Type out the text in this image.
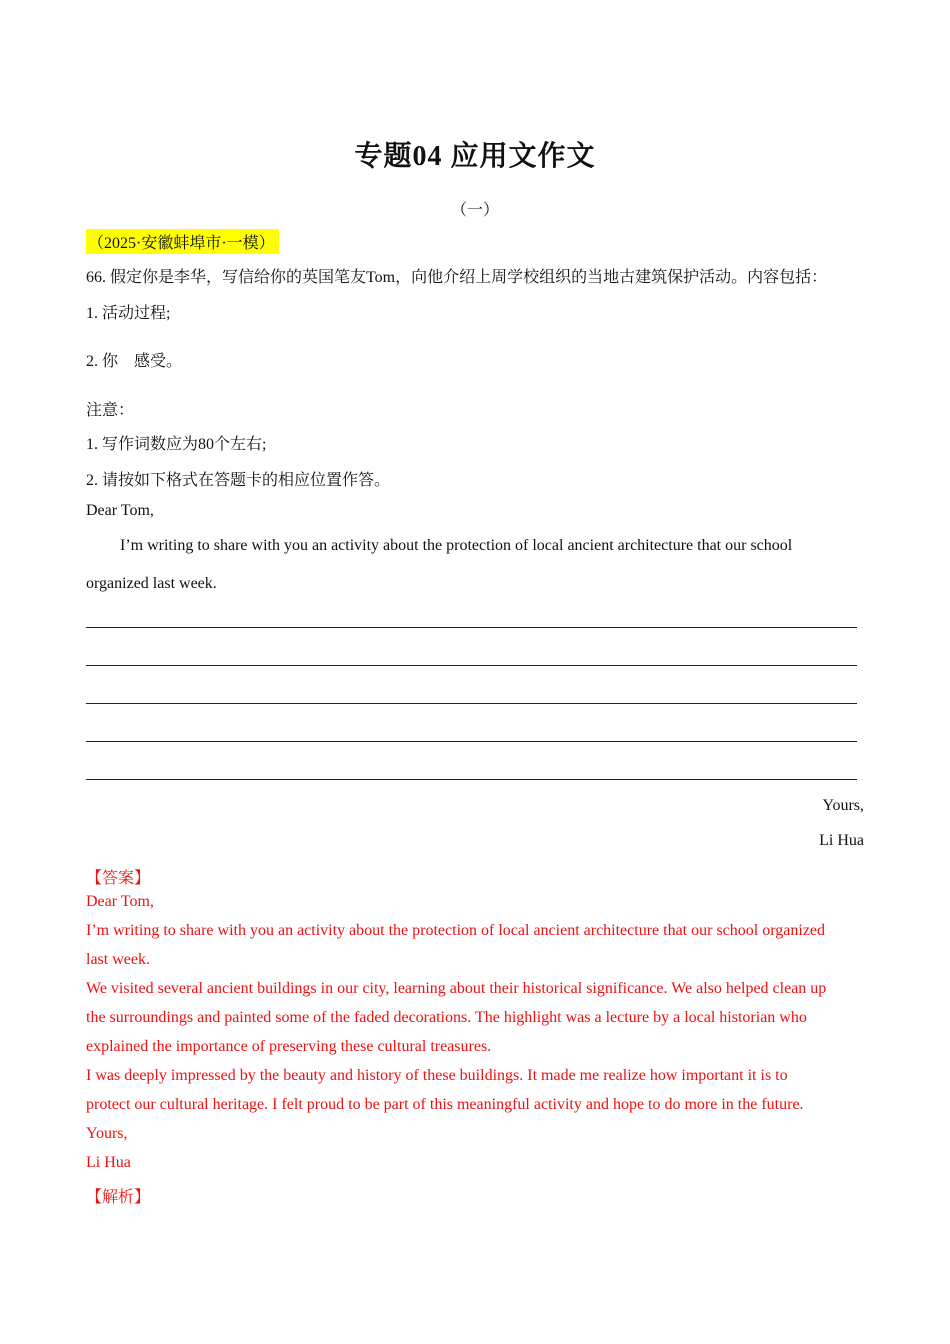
专题04 应用文作文
（一）
（2025·安徽蚌埠市·一模）
66. 假定你是李华，写信给你的英国笔友Tom，向他介绍上周学校组织的当地古建筑保护活动。内容包括：
1. 活动过程;
2. 你    感受。
注意：
1. 写作词数应为80个左右;
2. 请按如下格式在答题卡的相应位置作答。
Dear Tom,
I’m writing to share with you an activity about the protection of local ancient architecture that our school
organized last week.
Yours,
Li Hua
【答案】
Dear Tom,
I’m writing to share with you an activity about the protection of local ancient architecture that our school organized
last week.
We visited several ancient buildings in our city, learning about their historical significance. We also helped clean up
the surroundings and painted some of the faded decorations. The highlight was a lecture by a local historian who
explained the importance of preserving these cultural treasures.
I was deeply impressed by the beauty and history of these buildings. It made me realize how important it is to
protect our cultural heritage. I felt proud to be part of this meaningful activity and hope to do more in the future.
Yours,
Li Hua
【解析】
